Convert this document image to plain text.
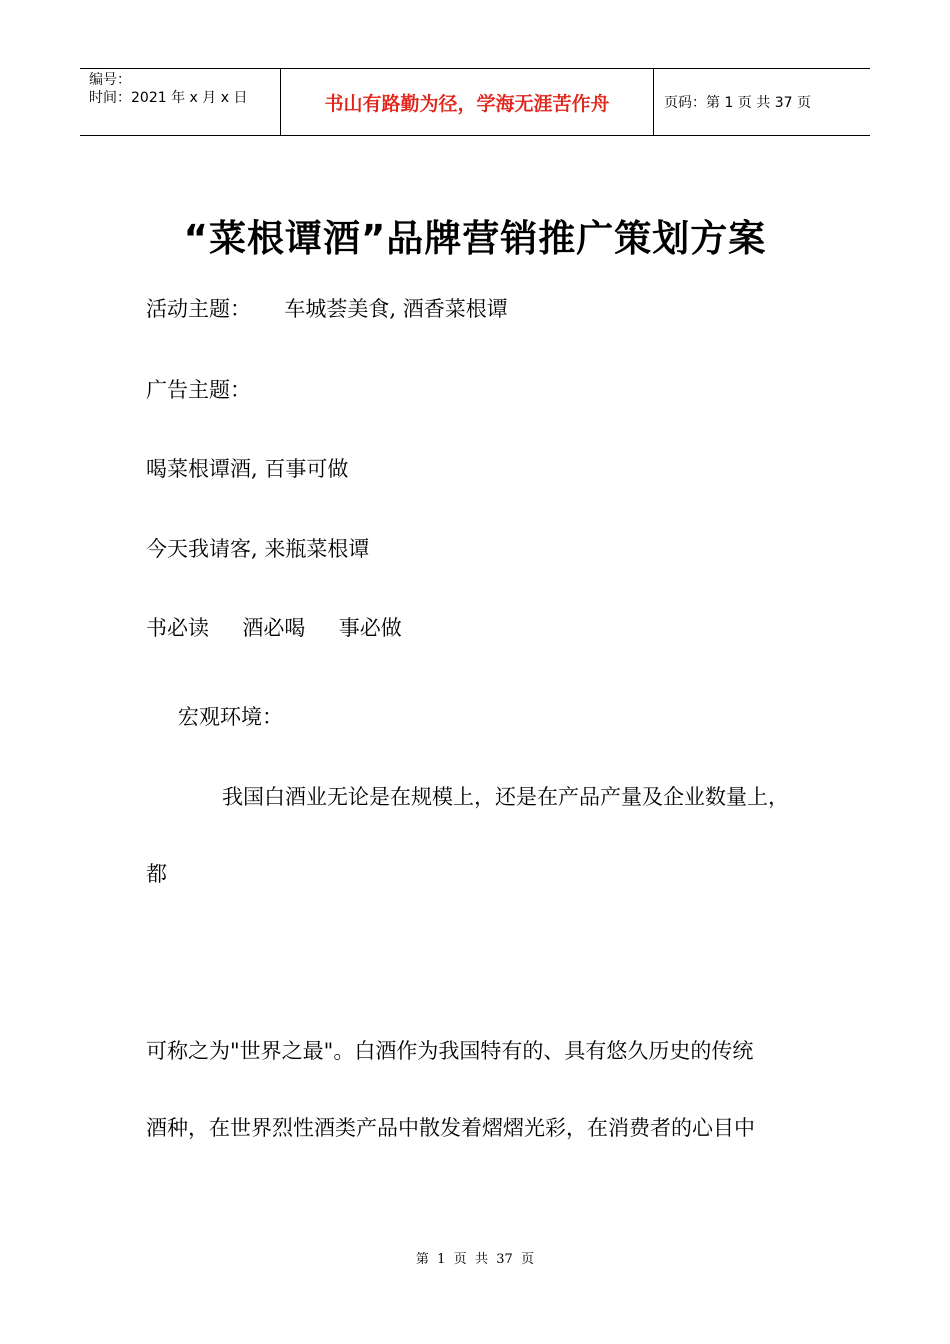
编号：
时间：2021 年 x 月 x 日	书山有路勤为径，学海无涯苦作舟	页码：第 1 页 共 37 页
“菜根谭酒”品牌营销推广策划方案
活动主题：     车城荟美食, 酒香菜根谭
广告主题：
喝菜根谭酒, 百事可做
今天我请客, 来瓶菜根谭
书必读     酒必喝     事必做
宏观环境：
我国白酒业无论是在规模上，还是在产品产量及企业数量上，
都
可称之为"世界之最"。白酒作为我国特有的、具有悠久历史的传统
酒种，在世界烈性酒类产品中散发着熠熠光彩，在消费者的心目中
第  1  页  共  37  页
